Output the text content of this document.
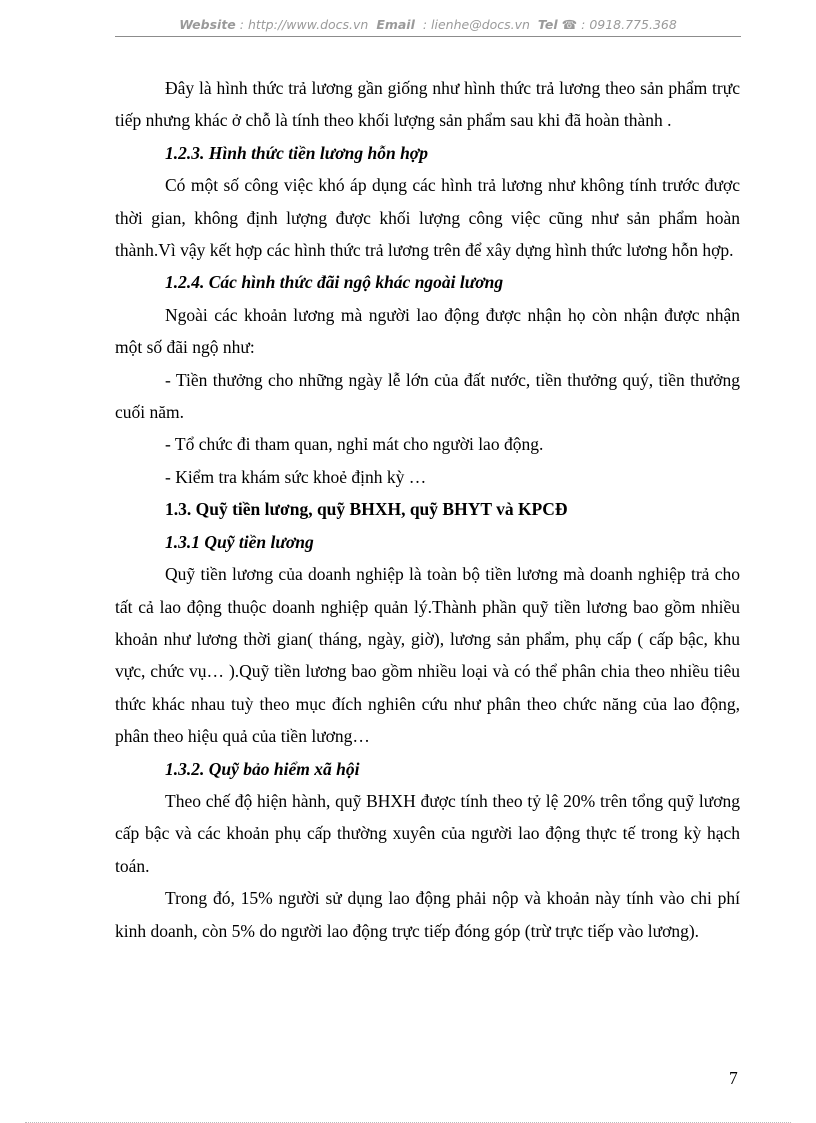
Website : http://www.docs.vn Email : lienhe@docs.vn Tel ☎ : 0918.775.368

Đây là hình thức trả lương gần giống như hình thức trả lương theo sản phẩm trực tiếp nhưng khác ở chỗ là tính theo khối lượng sản phẩm sau khi đã hoàn thành .

1.2.3. Hình thức tiền lương hỗn hợp

Có một số công việc khó áp dụng các hình trả lương như không tính trước được thời gian, không định lượng được khối lượng công việc cũng như sản phẩm hoàn thành.Vì vậy kết hợp các hình thức trả lương trên để xây dựng hình thức lương hỗn hợp.

1.2.4. Các hình thức đãi ngộ khác ngoài lương

Ngoài các khoản lương mà người lao động được nhận họ còn nhận được nhận một số đãi ngộ như:

- Tiền thưởng cho những ngày lễ lớn của đất nước, tiền thưởng quý, tiền thưởng cuối năm.

- Tổ chức đi tham quan, nghỉ mát cho người lao động.

- Kiểm tra khám sức khoẻ định kỳ …

1.3. Quỹ tiền lương, quỹ BHXH, quỹ BHYT và KPCĐ

1.3.1 Quỹ tiền lương

Quỹ tiền lương của doanh nghiệp là toàn bộ tiền lương mà doanh nghiệp trả cho tất cả lao động thuộc doanh nghiệp quản lý.Thành phần quỹ tiền lương bao gồm nhiều khoản như lương thời gian( tháng, ngày, giờ), lương sản phẩm, phụ cấp ( cấp bậc, khu vực, chức vụ… ).Quỹ tiền lương bao gồm nhiều loại và có thể phân chia theo nhiều tiêu thức khác nhau tuỳ theo mục đích nghiên cứu như phân theo chức năng của lao động, phân theo hiệu quả của tiền lương…

1.3.2. Quỹ bảo hiểm xã hội

Theo chế độ hiện hành, quỹ BHXH được tính theo tỷ lệ 20% trên tổng quỹ lương cấp bậc và các khoản phụ cấp thường xuyên của người lao động thực tế trong kỳ hạch toán.

Trong đó, 15% người sử dụng lao động phải nộp và khoản này tính vào chi phí kinh doanh, còn 5% do người lao động trực tiếp đóng góp (trừ trực tiếp vào lương).

7
